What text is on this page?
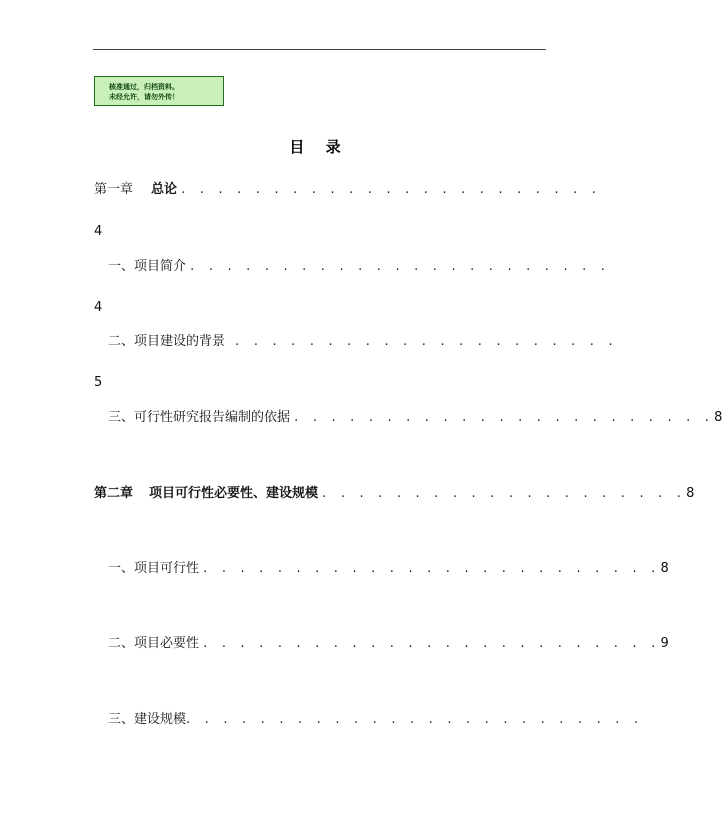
核准通过，归档资料。
未经允许，请勿外传！
目 录
第一章 总论 . . . . . . . . . . . . . . . . . . . . . . .
4
一、项目简介 . . . . . . . . . . . . . . . . . . . . . . .
4
二、项目建设的背景 . . . . . . . . . . . . . . . . . . . . .
5
三、可行性研究报告编制的依据 . . . . . . . . . . . . . . . . . . . . . . .8
第二章 项目可行性必要性、建设规模 . . . . . . . . . . . . . . . . . . . .8
一、项目可行性 . . . . . . . . . . . . . . . . . . . . . . . . .8
二、项目必要性 . . . . . . . . . . . . . . . . . . . . . . . . .9
三、建设规模. . . . . . . . . . . . . . . . . . . . . . . . .
